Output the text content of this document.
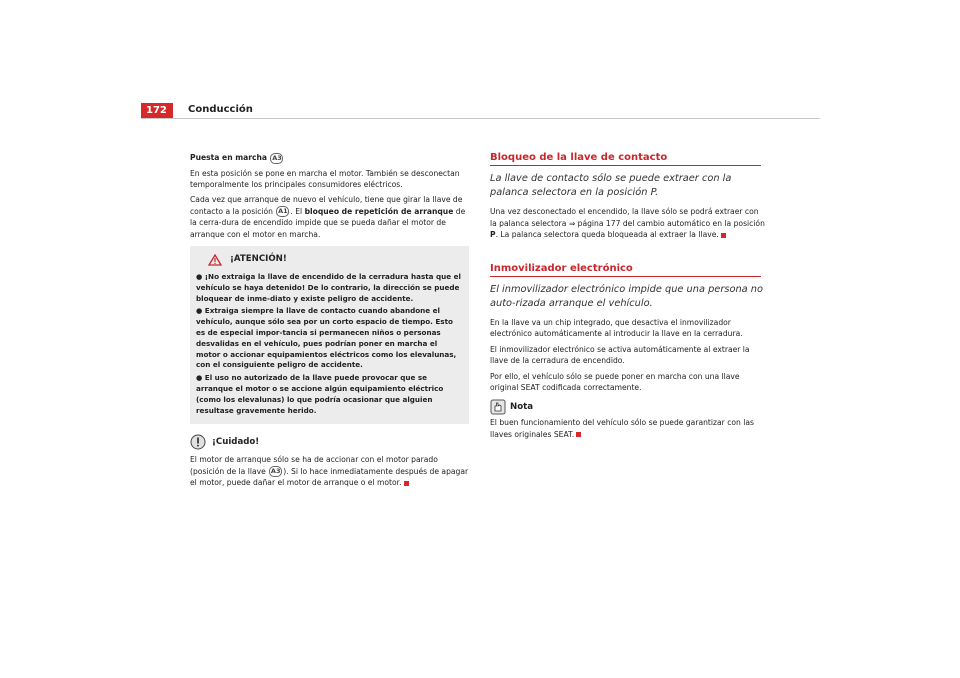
172	Conducción

Puesta en marcha A3

En esta posición se pone en marcha el motor. También se desconectan temporalmente los principales consumidores eléctricos.

Cada vez que arranque de nuevo el vehículo, tiene que girar la llave de contacto a la posición A1 . El bloqueo de repetición de arranque de la cerra-dura de encendido impide que se pueda dañar el motor de arranque con el motor en marcha.

¡ATENCIÓN!
● ¡No extraiga la llave de encendido de la cerradura hasta que el vehículo se haya detenido! De lo contrario, la dirección se puede bloquear de inme-diato y existe peligro de accidente.
● Extraiga siempre la llave de contacto cuando abandone el vehículo, aunque sólo sea por un corto espacio de tiempo. Esto es de especial impor-tancia si permanecen niños o personas desvalidas en el vehículo, pues podrían poner en marcha el motor o accionar equipamientos eléctricos como los elevalunas, con el consiguiente peligro de accidente.
● El uso no autorizado de la llave puede provocar que se arranque el motor o se accione algún equipamiento eléctrico (como los elevalunas) lo que podría ocasionar que alguien resultase gravemente herido.
¡Cuidado!

El motor de arranque sólo se ha de accionar con el motor parado (posición de la llave A3 ). Si lo hace inmediatamente después de apagar el motor, puede dañar el motor de arranque o el motor.

Bloqueo de la llave de contacto
La llave de contacto sólo se puede extraer con la palanca selectora en la posición P.

Una vez desconectado el encendido, la llave sólo se podrá extraer con la palanca selectora ⇒ página 177 del cambio automático en la posición P. La palanca selectora queda bloqueada al extraer la llave.

Inmovilizador electrónico
El inmovilizador electrónico impide que una persona no auto-rizada arranque el vehículo.

En la llave va un chip integrado, que desactiva el inmovilizador electrónico automáticamente al introducir la llave en la cerradura.

El inmovilizador electrónico se activa automáticamente al extraer la llave de la cerradura de encendido.

Por ello, el vehículo sólo se puede poner en marcha con una llave original SEAT codificada correctamente.

Nota

El buen funcionamiento del vehículo sólo se puede garantizar con las llaves originales SEAT.
